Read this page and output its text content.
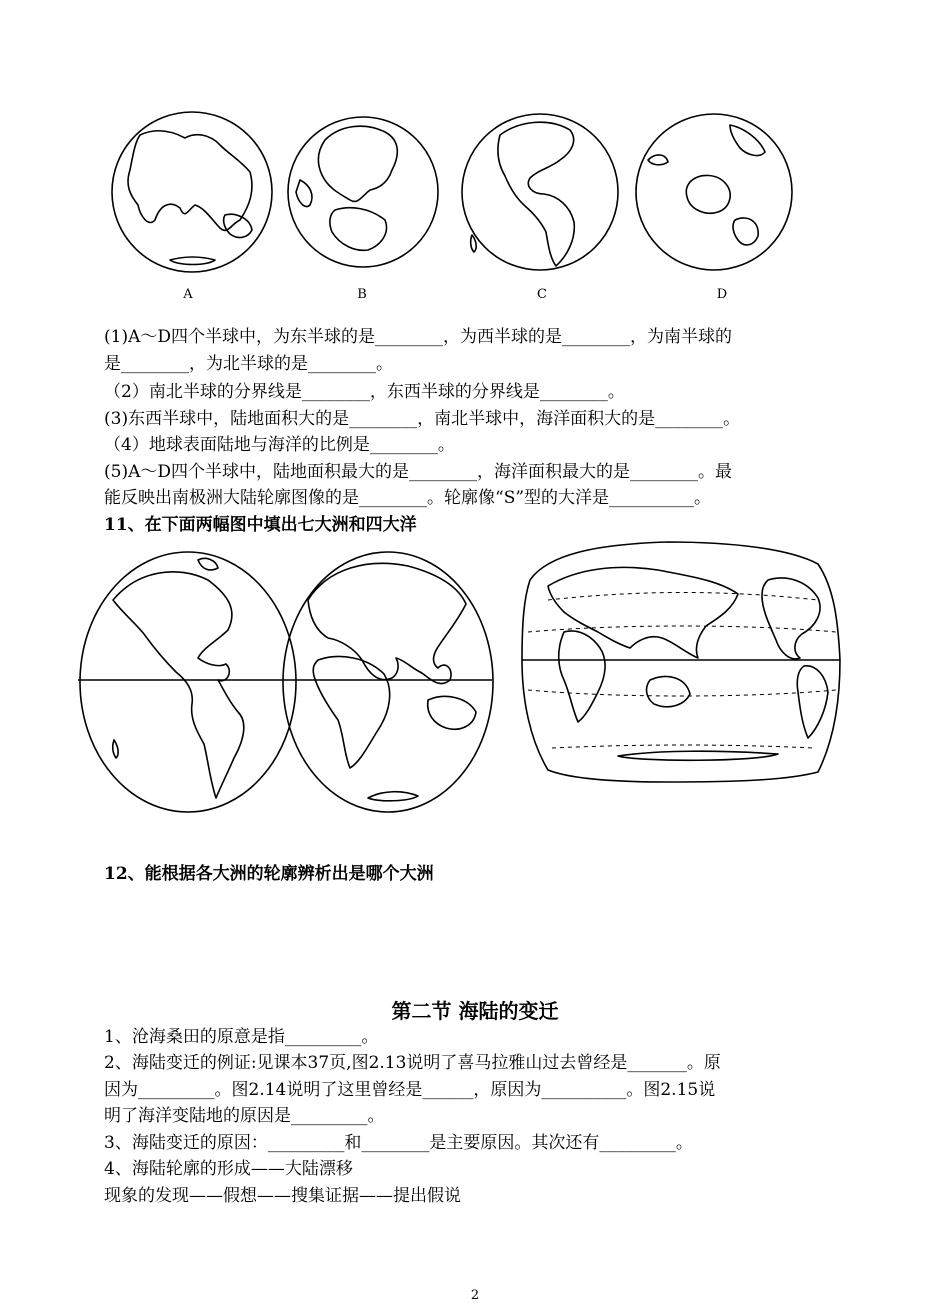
A	B	C	D
(1)A～D四个半球中，为东半球的是________，为西半球的是________，为南半球的
是________，为北半球的是________。
（2）南北半球的分界线是________，东西半球的分界线是________。
(3)东西半球中，陆地面积大的是________，南北半球中，海洋面积大的是________。
（4）地球表面陆地与海洋的比例是________。
(5)A～D四个半球中，陆地面积最大的是________，海洋面积最大的是________。最
能反映出南极洲大陆轮廓图像的是________。轮廓像“S”型的大洋是__________。
11、在下面两幅图中填出七大洲和四大洋
12、能根据各大洲的轮廓辨析出是哪个大洲
第二节 海陆的变迁
1、沧海桑田的原意是指_________。
2、海陆变迁的例证:见课本37页,图2.13说明了喜马拉雅山过去曾经是_______。原
因为_________。图2.14说明了这里曾经是______，原因为__________。图2.15说
明了海洋变陆地的原因是_________。
3、海陆变迁的原因：_________和________是主要原因。其次还有_________。
4、海陆轮廓的形成——大陆漂移
现象的发现——假想——搜集证据——提出假说
2
